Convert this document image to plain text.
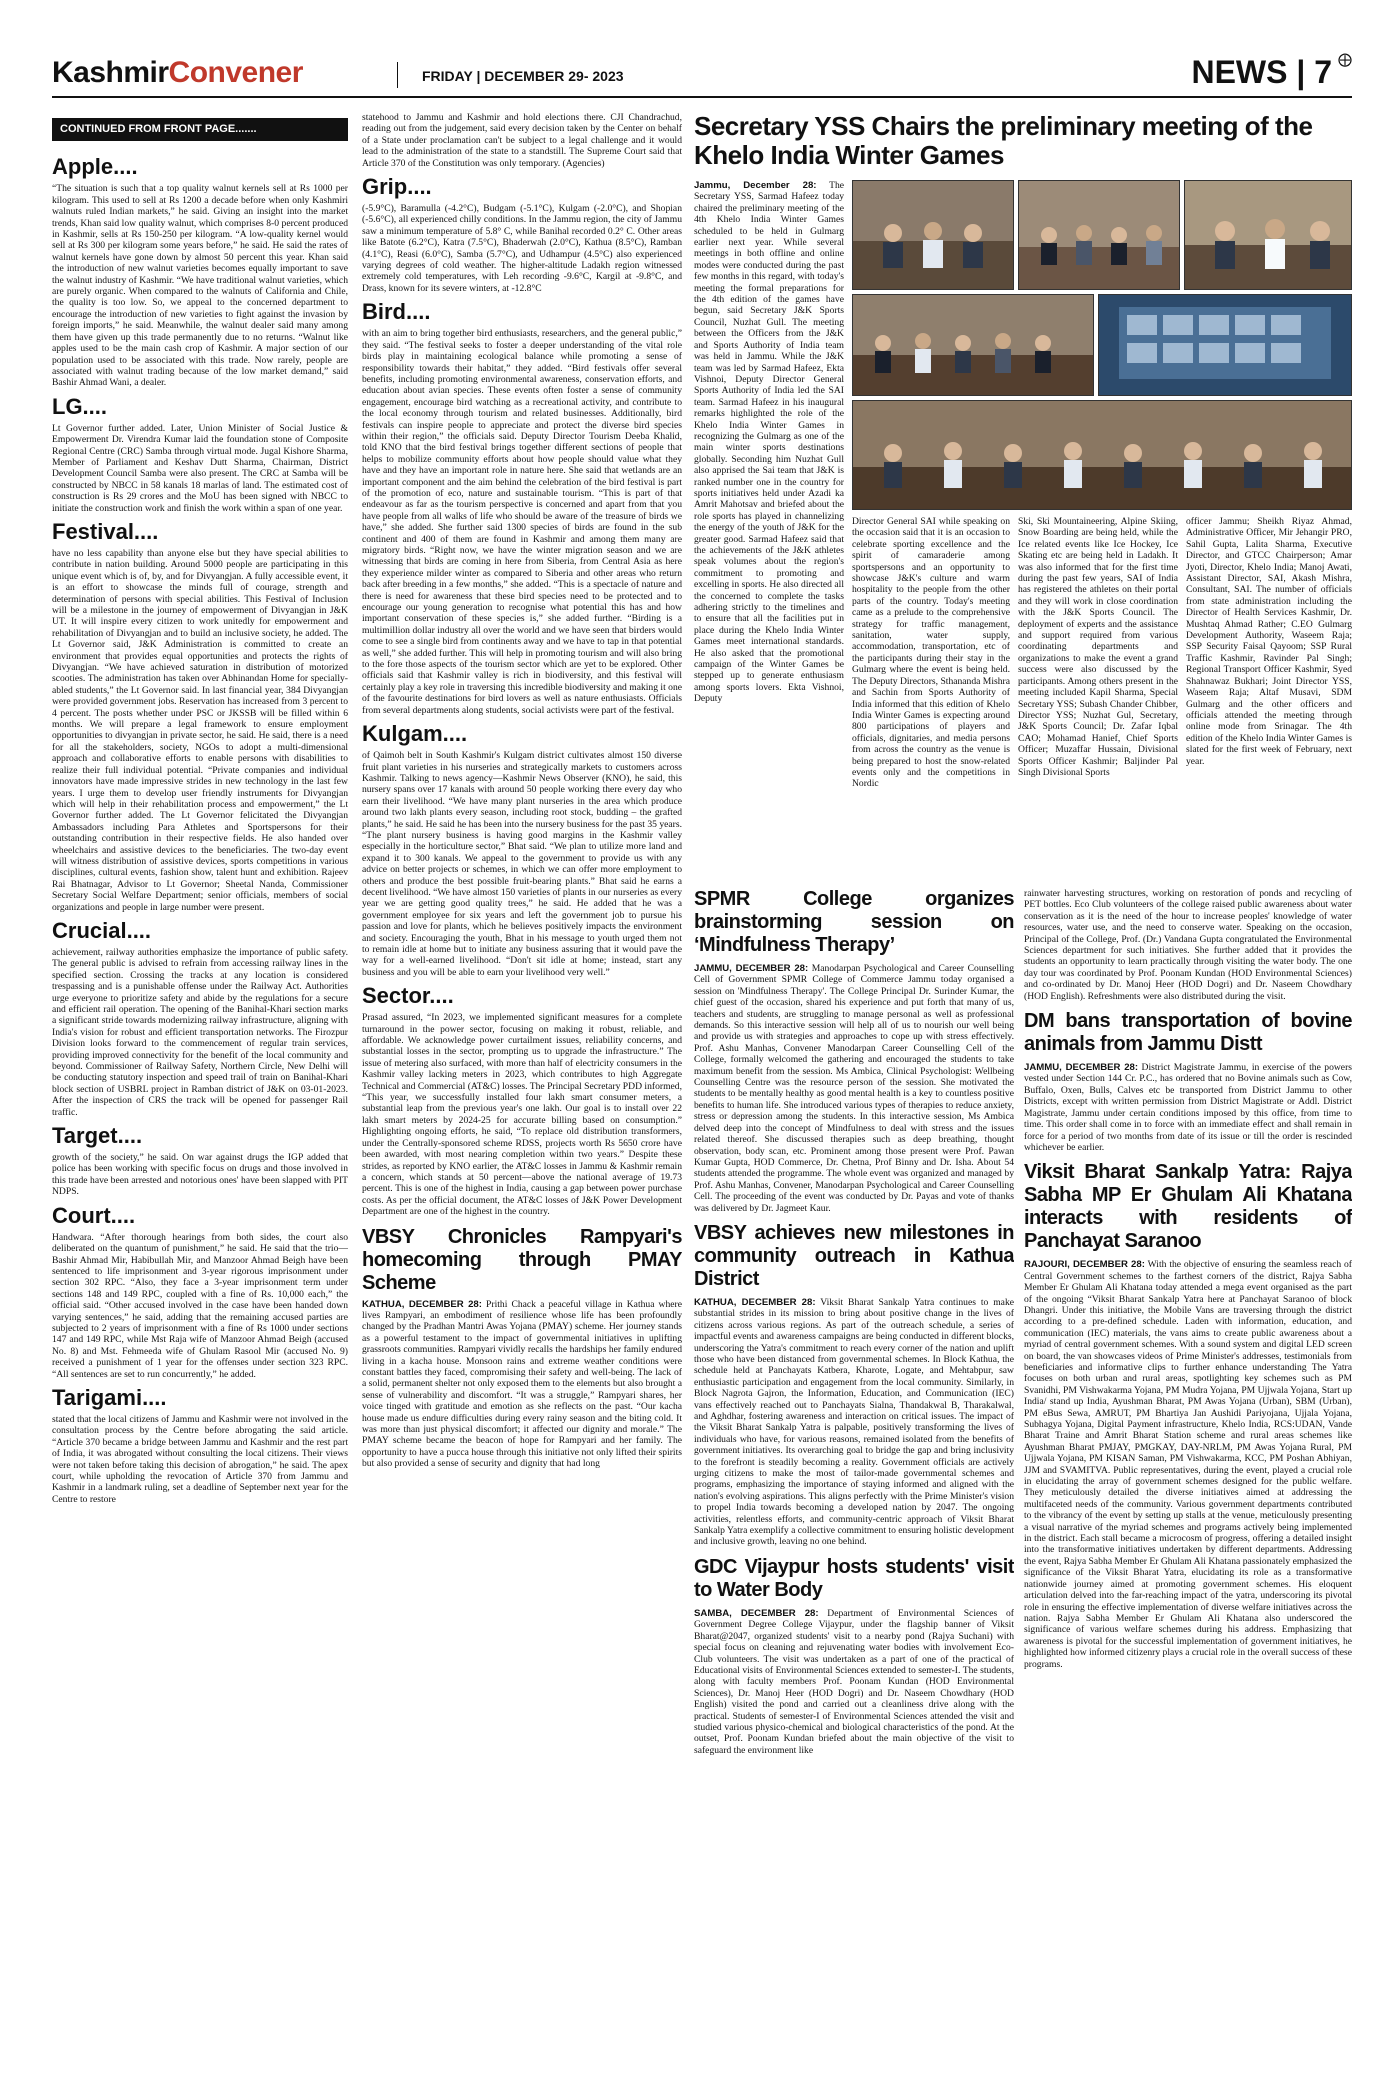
KashmirConvener	FRIDAY | DECEMBER 29- 2023	NEWS | 7 ⨁
CONTINUED FROM FRONT PAGE.......
Apple....

“The situation is such that a top quality walnut kernels sell at Rs 1000 per kilogram. This used to sell at Rs 1200 a decade before when only Kashmiri walnuts ruled Indian markets,” he said. Giving an insight into the market trends, Khan said low quality walnut, which comprises 8-0 percent produced in Kashmir, sells at Rs 150-250 per kilogram. “A low-quality kernel would sell at Rs 300 per kilogram some years before,” he said. He said the rates of walnut kernels have gone down by almost 50 percent this year. Khan said the introduction of new walnut varieties becomes equally important to save the walnut industry of Kashmir. “We have traditional walnut varieties, which are purely organic. When compared to the walnuts of California and Chile, the quality is too low. So, we appeal to the concerned department to encourage the introduction of new varieties to fight against the invasion by foreign imports,” he said. Meanwhile, the walnut dealer said many among them have given up this trade permanently due to no returns. “Walnut like apples used to be the main cash crop of Kashmir. A major section of our population used to be associated with this trade. Now rarely, people are associated with walnut trading because of the low market demand,” said Bashir Ahmad Wani, a dealer.

LG....

Lt Governor further added. Later, Union Minister of Social Justice & Empowerment Dr. Virendra Kumar laid the foundation stone of Composite Regional Centre (CRC) Samba through virtual mode. Jugal Kishore Sharma, Member of Parliament and Keshav Dutt Sharma, Chairman, District Development Council Samba were also present. The CRC at Samba will be constructed by NBCC in 58 kanals 18 marlas of land. The estimated cost of construction is Rs 29 crores and the MoU has been signed with NBCC to initiate the construction work and finish the work within a span of one year.

Festival....

have no less capability than anyone else but they have special abilities to contribute in nation building. Around 5000 people are participating in this unique event which is of, by, and for Divyangjan. A fully accessible event, it is an effort to showcase the minds full of courage, strength and determination of persons with special abilities. This Festival of Inclusion will be a milestone in the journey of empowerment of Divyangjan in J&K UT. It will inspire every citizen to work unitedly for empowerment and rehabilitation of Divyangjan and to build an inclusive society, he added. The Lt Governor said, J&K Administration is committed to create an environment that provides equal opportunities and protects the rights of Divyangjan. “We have achieved saturation in distribution of motorized scooties. The administration has taken over Abhinandan Home for specially-abled students,” the Lt Governor said. In last financial year, 384 Divyangjan were provided government jobs. Reservation has increased from 3 percent to 4 percent. The posts whether under PSC or JKSSB will be filled within 6 months. We will prepare a legal framework to ensure employment opportunities to divyangjan in private sector, he said. He said, there is a need for all the stakeholders, society, NGOs to adopt a multi-dimensional approach and collaborative efforts to enable persons with disabilities to realize their full individual potential. “Private companies and individual innovators have made impressive strides in new technology in the last few years. I urge them to develop user friendly instruments for Divyangjan which will help in their rehabilitation process and empowerment,” the Lt Governor further added. The Lt Governor felicitated the Divyangjan Ambassadors including Para Athletes and Sportspersons for their outstanding contribution in their respective fields. He also handed over wheelchairs and assistive devices to the beneficiaries. The two-day event will witness distribution of assistive devices, sports competitions in various disciplines, cultural events, fashion show, talent hunt and exhibition. Rajeev Rai Bhatnagar, Advisor to Lt Governor; Sheetal Nanda, Commissioner Secretary Social Welfare Department; senior officials, members of social organizations and people in large number were present.

Crucial....

achievement, railway authorities emphasize the importance of public safety. The general public is advised to refrain from accessing railway lines in the specified section. Crossing the tracks at any location is considered trespassing and is a punishable offense under the Railway Act. Authorities urge everyone to prioritize safety and abide by the regulations for a secure and efficient rail operation. The opening of the Banihal-Khari section marks a significant stride towards modernizing railway infrastructure, aligning with India's vision for robust and efficient transportation networks. The Firozpur Division looks forward to the commencement of regular train services, providing improved connectivity for the benefit of the local community and beyond. Commissioner of Railway Safety, Northern Circle, New Delhi will be conducting statutory inspection and speed trail of train on Banihal-Khari block section of USBRL project in Ramban district of J&K on 03-01-2023. After the inspection of CRS the track will be opened for passenger Rail traffic.

Target....

growth of the society,” he said. On war against drugs the IGP added that police has been working with specific focus on drugs and those involved in this trade have been arrested and notorious ones' have been slapped with PIT NDPS.

Court....

Handwara. “After thorough hearings from both sides, the court also deliberated on the quantum of punishment,” he said. He said that the trio—Bashir Ahmad Mir, Habibullah Mir, and Manzoor Ahmad Beigh have been sentenced to life imprisonment and 3-year rigorous imprisonment under section 302 RPC. “Also, they face a 3-year imprisonment term under sections 148 and 149 RPC, coupled with a fine of Rs. 10,000 each,” the official said. “Other accused involved in the case have been handed down varying sentences,” he said, adding that the remaining accused parties are subjected to 2 years of imprisonment with a fine of Rs 1000 under sections 147 and 149 RPC, while Mst Raja wife of Manzoor Ahmad Beigh (accused No. 8) and Mst. Fehmeeda wife of Ghulam Rasool Mir (accused No. 9) received a punishment of 1 year for the offenses under section 323 RPC. “All sentences are set to run concurrently,” he added.

Tarigami....

stated that the local citizens of Jammu and Kashmir were not involved in the consultation process by the Centre before abrogating the said article. “Article 370 became a bridge between Jammu and Kashmir and the rest part of India, it was abrogated without consulting the local citizens. Their views were not taken before taking this decision of abrogation,” he said. The apex court, while upholding the revocation of Article 370 from Jammu and Kashmir in a landmark ruling, set a deadline of September next year for the Centre to restore

statehood to Jammu and Kashmir and hold elections there. CJI Chandrachud, reading out from the judgement, said every decision taken by the Center on behalf of a State under proclamation can't be subject to a legal challenge and it would lead to the administration of the state to a standstill. The Supreme Court said that Article 370 of the Constitution was only temporary. (Agencies)

Grip....

(-5.9°C), Baramulla (-4.2°C), Budgam (-5.1°C), Kulgam (-2.0°C), and Shopian (-5.6°C), all experienced chilly conditions. In the Jammu region, the city of Jammu saw a minimum temperature of 5.8° C, while Banihal recorded 0.2° C. Other areas like Batote (6.2°C), Katra (7.5°C), Bhaderwah (2.0°C), Kathua (8.5°C), Ramban (4.1°C), Reasi (6.0°C), Samba (5.7°C), and Udhampur (4.5°C) also experienced varying degrees of cold weather. The higher-altitude Ladakh region witnessed extremely cold temperatures, with Leh recording -9.6°C, Kargil at -9.8°C, and Drass, known for its severe winters, at -12.8°C

Bird....

with an aim to bring together bird enthusiasts, researchers, and the general public,” they said. “The festival seeks to foster a deeper understanding of the vital role birds play in maintaining ecological balance while promoting a sense of responsibility towards their habitat,” they added. “Bird festivals offer several benefits, including promoting environmental awareness, conservation efforts, and education about avian species. These events often foster a sense of community engagement, encourage bird watching as a recreational activity, and contribute to the local economy through tourism and related businesses. Additionally, bird festivals can inspire people to appreciate and protect the diverse bird species within their region,” the officials said. Deputy Director Tourism Deeba Khalid, told KNO that the bird festival brings together different sections of people that helps to mobilize community efforts about how people should value what they have and they have an important role in nature here. She said that wetlands are an important component and the aim behind the celebration of the bird festival is part of the promotion of eco, nature and sustainable tourism. “This is part of that endeavour as far as the tourism perspective is concerned and apart from that you have people from all walks of life who should be aware of the treasure of birds we have,” she added. She further said 1300 species of birds are found in the sub continent and 400 of them are found in Kashmir and among them many are migratory birds. “Right now, we have the winter migration season and we are witnessing that birds are coming in here from Siberia, from Central Asia as here they experience milder winter as compared to Siberia and other areas who return back after breeding in a few months,” she added. “This is a spectacle of nature and there is need for awareness that these bird species need to be protected and to encourage our young generation to recognise what potential this has and how important conservation of these species is,” she added further. “Birding is a multimillion dollar industry all over the world and we have seen that birders would come to see a single bird from continents away and we have to tap in that potential as well,” she added further. This will help in promoting tourism and will also bring to the fore those aspects of the tourism sector which are yet to be explored. Other officials said that Kashmir valley is rich in biodiversity, and this festival will certainly play a key role in traversing this incredible biodiversity and making it one of the favourite destinations for bird lovers as well as nature enthusiasts. Officials from several departments along students, social activists were part of the festival.

Kulgam....

of Qaimoh belt in South Kashmir's Kulgam district cultivates almost 150 diverse fruit plant varieties in his nurseries and strategically markets to customers across Kashmir. Talking to news agency—Kashmir News Observer (KNO), he said, this nursery spans over 17 kanals with around 50 people working there every day who earn their livelihood. “We have many plant nurseries in the area which produce around two lakh plants every season, including root stock, budding – the grafted plants,” he said. He said he has been into the nursery business for the past 35 years. “The plant nursery business is having good margins in the Kashmir valley especially in the horticulture sector,” Bhat said. “We plan to utilize more land and expand it to 300 kanals. We appeal to the government to provide us with any advice on better projects or schemes, in which we can offer more employment to others and produce the best possible fruit-bearing plants.” Bhat said he earns a decent livelihood. “We have almost 150 varieties of plants in our nurseries as every year we are getting good quality trees,” he said. He added that he was a government employee for six years and left the government job to pursue his passion and love for plants, which he believes positively impacts the environment and society. Encouraging the youth, Bhat in his message to youth urged them not to remain idle at home but to initiate any business assuring that it would pave the way for a well-earned livelihood. “Don't sit idle at home; instead, start any business and you will be able to earn your livelihood very well.”

Sector....

Prasad assured, “In 2023, we implemented significant measures for a complete turnaround in the power sector, focusing on making it robust, reliable, and affordable. We acknowledge power curtailment issues, reliability concerns, and substantial losses in the sector, prompting us to upgrade the infrastructure.” The issue of metering also surfaced, with more than half of electricity consumers in the Kashmir valley lacking meters in 2023, which contributes to high Aggregate Technical and Commercial (AT&C) losses. The Principal Secretary PDD informed, “This year, we successfully installed four lakh smart consumer meters, a substantial leap from the previous year's one lakh. Our goal is to install over 22 lakh smart meters by 2024-25 for accurate billing based on consumption.” Highlighting ongoing efforts, he said, “To replace old distribution transformers, under the Centrally-sponsored scheme RDSS, projects worth Rs 5650 crore have been awarded, with most nearing completion within two years.” Despite these strides, as reported by KNO earlier, the AT&C losses in Jammu & Kashmir remain a concern, which stands at 50 percent—above the national average of 19.73 percent. This is one of the highest in India, causing a gap between power purchase costs. As per the official document, the AT&C losses of J&K Power Development Department are one of the highest in the country.

VBSY Chronicles Rampyari's homecoming through PMAY Scheme

KATHUA, DECEMBER 28: Prithi Chack a peaceful village in Kathua where lives Rampyari, an embodiment of resilience whose life has been profoundly changed by the Pradhan Mantri Awas Yojana (PMAY) scheme. Her journey stands as a powerful testament to the impact of governmental initiatives in uplifting grassroots communities. Rampyari vividly recalls the hardships her family endured living in a kacha house. Monsoon rains and extreme weather conditions were constant battles they faced, compromising their safety and well-being. The lack of a solid, permanent shelter not only exposed them to the elements but also brought a sense of vulnerability and discomfort. “It was a struggle,” Rampyari shares, her voice tinged with gratitude and emotion as she reflects on the past. “Our kacha house made us endure difficulties during every rainy season and the biting cold. It was more than just physical discomfort; it affected our dignity and morale.” The PMAY scheme became the beacon of hope for Rampyari and her family. The opportunity to have a pucca house through this initiative not only lifted their spirits but also provided a sense of security and dignity that had long

Secretary YSS Chairs the preliminary meeting of the Khelo India Winter Games

Jammu, December 28: The Secretary YSS, Sarmad Hafeez today chaired the preliminary meeting of the 4th Khelo India Winter Games scheduled to be held in Gulmarg earlier next year. While several meetings in both offline and online modes were conducted during the past few months in this regard, with today's meeting the formal preparations for the 4th edition of the games have begun, said Secretary J&K Sports Council, Nuzhat Gull. The meeting between the Officers from the J&K and Sports Authority of India team was held in Jammu. While the J&K team was led by Sarmad Hafeez, Ekta Vishnoi, Deputy Director General Sports Authority of India led the SAI team. Sarmad Hafeez in his inaugural remarks highlighted the role of the Khelo India Winter Games in recognizing the Gulmarg as one of the main winter sports destinations globally. Seconding him Nuzhat Gull also apprised the Sai team that J&K is ranked number one in the country for sports initiatives held under Azadi ka Amrit Mahotsav and briefed about the role sports has played in channelizing the energy of the youth of J&K for the greater good. Sarmad Hafeez said that the achievements of the J&K athletes speak volumes about the region's commitment to promoting and excelling in sports. He also directed all the concerned to complete the tasks adhering strictly to the timelines and to ensure that all the facilities put in place during the Khelo India Winter Games meet international standards. He also asked that the promotional campaign of the Winter Games be stepped up to generate enthusiasm among sports lovers. Ekta Vishnoi, Deputy

Director General SAI while speaking on the occasion said that it is an occasion to celebrate sporting excellence and the spirit of camaraderie among sportspersons and an opportunity to showcase J&K's culture and warm hospitality to the people from the other parts of the country. Today's meeting came as a prelude to the comprehensive strategy for traffic management, sanitation, water supply, accommodation, transportation, etc of the participants during their stay in the Gulmarg where the event is being held. The Deputy Directors, Sthananda Mishra and Sachin from Sports Authority of India informed that this edition of Khelo India Winter Games is expecting around 800 participations of players and officials, dignitaries, and media persons from across the country as the venue is being prepared to host the snow-related events only and the competitions in Nordic

Ski, Ski Mountaineering, Alpine Skiing, Snow Boarding are being held, while the Ice related events like Ice Hockey, Ice Skating etc are being held in Ladakh. It was also informed that for the first time during the past few years, SAI of India has registered the athletes on their portal and they will work in close coordination with the J&K Sports Council. The deployment of experts and the assistance and support required from various coordinating departments and organizations to make the event a grand success were also discussed by the participants. Among others present in the meeting included Kapil Sharma, Special Secretary YSS; Subash Chander Chibber, Director YSS; Nuzhat Gul, Secretary, J&K Sports Council; Dr. Zafar Iqbal CAO; Mohamad Hanief, Chief Sports Officer; Muzaffar Hussain, Divisional Sports Officer Kashmir; Baljinder Pal Singh Divisional Sports

officer Jammu; Sheikh Riyaz Ahmad, Administrative Officer, Mir Jehangir PRO, Sahil Gupta, Lalita Sharma, Executive Director, and GTCC Chairperson; Amar Jyoti, Director, Khelo India; Manoj Awati, Assistant Director, SAI, Akash Mishra, Consultant, SAI. The number of officials from state administration including the Director of Health Services Kashmir, Dr. Mushtaq Ahmad Rather; C.EO Gulmarg Development Authority, Waseem Raja; SSP Security Faisal Qayoom; SSP Rural Traffic Kashmir, Ravinder Pal Singh; Regional Transport Officer Kashmir, Syed Shahnawaz Bukhari; Joint Director YSS, Waseem Raja; Altaf Musavi, SDM Gulmarg and the other officers and officials attended the meeting through online mode from Srinagar. The 4th edition of the Khelo India Winter Games is slated for the first week of February, next year.

SPMR College organizes brainstorming session on ‘Mindfulness Therapy’

JAMMU, DECEMBER 28: Manodarpan Psychological and Career Counselling Cell of Government SPMR College of Commerce Jammu today organised a session on 'Mindfulness Therapy'. The College Principal Dr. Surinder Kumar, the chief guest of the occasion, shared his experience and put forth that many of us, teachers and students, are struggling to manage personal as well as professional demands. So this interactive session will help all of us to nourish our well being and provide us with strategies and approaches to cope up with stress effectively. Prof. Ashu Manhas, Convener Manodarpan Career Counselling Cell of the College, formally welcomed the gathering and encouraged the students to take maximum benefit from the session. Ms Ambica, Clinical Psychologist: Wellbeing Counselling Centre was the resource person of the session. She motivated the students to be mentally healthy as good mental health is a key to countless positive benefits to human life. She introduced various types of therapies to reduce anxiety, stress or depression among the students. In this interactive session, Ms Ambica delved deep into the concept of Mindfulness to deal with stress and the issues related thereof. She discussed therapies such as deep breathing, thought observation, body scan, etc. Prominent among those present were Prof. Pawan Kumar Gupta, HOD Commerce, Dr. Chetna, Prof Binny and Dr. Isha. About 54 students attended the programme. The whole event was organized and managed by Prof. Ashu Manhas, Convener, Manodarpan Psychological and Career Counselling Cell. The proceeding of the event was conducted by Dr. Payas and vote of thanks was delivered by Dr. Jagmeet Kaur.

VBSY achieves new milestones in community outreach in Kathua District

KATHUA, DECEMBER 28: Viksit Bharat Sankalp Yatra continues to make substantial strides in its mission to bring about positive change in the lives of citizens across various regions. As part of the outreach schedule, a series of impactful events and awareness campaigns are being conducted in different blocks, underscoring the Yatra's commitment to reach every corner of the nation and uplift those who have been distanced from governmental schemes. In Block Kathua, the schedule held at Panchayats Katbera, Kharote, Logate, and Mehtabpur, saw enthusiastic participation and engagement from the local community. Similarly, in Block Nagrota Gajron, the Information, Education, and Communication (IEC) vans effectively reached out to Panchayats Sialna, Thandakwal B, Tharakalwal, and Aghdhar, fostering awareness and interaction on critical issues. The impact of the Viksit Bharat Sankalp Yatra is palpable, positively transforming the lives of individuals who have, for various reasons, remained isolated from the benefits of government initiatives. Its overarching goal to bridge the gap and bring inclusivity to the forefront is steadily becoming a reality. Government officials are actively urging citizens to make the most of tailor-made governmental schemes and programs, emphasizing the importance of staying informed and aligned with the nation's evolving aspirations. This aligns perfectly with the Prime Minister's vision to propel India towards becoming a developed nation by 2047. The ongoing activities, relentless efforts, and community-centric approach of Viksit Bharat Sankalp Yatra exemplify a collective commitment to ensuring holistic development and inclusive growth, leaving no one behind.

GDC Vijaypur hosts students' visit to Water Body

SAMBA, DECEMBER 28: Department of Environmental Sciences of Government Degree College Vijaypur, under the flagship banner of Viksit Bharat@2047, organized students' visit to a nearby pond (Rajya Suchani) with special focus on cleaning and rejuvenating water bodies with involvement Eco-Club volunteers. The visit was undertaken as a part of one of the practical of Educational visits of Environmental Sciences extended to semester-I. The students, along with faculty members Prof. Poonam Kundan (HOD Environmental Sciences), Dr. Manoj Heer (HOD Dogri) and Dr. Naseem Chowdhary (HOD English) visited the pond and carried out a cleanliness drive along with the practical. Students of semester-I of Environmental Sciences attended the visit and studied various physico-chemical and biological characteristics of the pond. At the outset, Prof. Poonam Kundan briefed about the main objective of the visit to safeguard the environment like

rainwater harvesting structures, working on restoration of ponds and recycling of PET bottles. Eco Club volunteers of the college raised public awareness about water conservation as it is the need of the hour to increase peoples' knowledge of water resources, water use, and the need to conserve water. Speaking on the occasion, Principal of the College, Prof. (Dr.) Vandana Gupta congratulated the Environmental Sciences department for such initiatives. She further added that it provides the students an opportunity to learn practically through visiting the water body. The one day tour was coordinated by Prof. Poonam Kundan (HOD Environmental Sciences) and co-ordinated by Dr. Manoj Heer (HOD Dogri) and Dr. Naseem Chowdhary (HOD English). Refreshments were also distributed during the visit.

DM bans transportation of bovine animals from Jammu Distt

JAMMU, DECEMBER 28: District Magistrate Jammu, in exercise of the powers vested under Section 144 Cr. P.C., has ordered that no Bovine animals such as Cow, Buffalo, Oxen, Bulls, Calves etc be transported from District Jammu to other Districts, except with written permission from District Magistrate or Addl. District Magistrate, Jammu under certain conditions imposed by this office, from time to time. This order shall come in to force with an immediate effect and shall remain in force for a period of two months from date of its issue or till the order is rescinded whichever be earlier.

Viksit Bharat Sankalp Yatra: Rajya Sabha MP Er Ghulam Ali Khatana interacts with residents of Panchayat Saranoo

RAJOURI, DECEMBER 28: With the objective of ensuring the seamless reach of Central Government schemes to the farthest corners of the district, Rajya Sabha Member Er Ghulam Ali Khatana today attended a mega event organised as the part of the ongoing “Viksit Bharat Sankalp Yatra here at Panchayat Saranoo of block Dhangri. Under this initiative, the Mobile Vans are traversing through the district according to a pre-defined schedule. Laden with information, education, and communication (IEC) materials, the vans aims to create public awareness about a myriad of central government schemes. With a sound system and digital LED screen on board, the van showcases videos of Prime Minister's addresses, testimonials from beneficiaries and informative clips to further enhance understanding The Yatra focuses on both urban and rural areas, spotlighting key schemes such as PM Svanidhi, PM Vishwakarma Yojana, PM Mudra Yojana, PM Ujjwala Yojana, Start up India/ stand up India, Ayushman Bharat, PM Awas Yojana (Urban), SBM (Urban), PM eBus Sewa, AMRUT, PM Bhartiya Jan Aushidi Pariyojana, Ujjala Yojana, Subhagya Yojana, Digital Payment infrastructure, Khelo India, RCS:UDAN, Vande Bharat Traine and Amrit Bharat Station scheme and rural areas schemes like Ayushman Bharat PMJAY, PMGKAY, DAY-NRLM, PM Awas Yojana Rural, PM Ujjwala Yojana, PM KISAN Saman, PM Vishwakarma, KCC, PM Poshan Abhiyan, JJM and SVAMITVA. Public representatives, during the event, played a crucial role in elucidating the array of government schemes designed for the public welfare. They meticulously detailed the diverse initiatives aimed at addressing the multifaceted needs of the community. Various government departments contributed to the vibrancy of the event by setting up stalls at the venue, meticulously presenting a visual narrative of the myriad schemes and programs actively being implemented in the district. Each stall became a microcosm of progress, offering a detailed insight into the transformative initiatives undertaken by different departments. Addressing the event, Rajya Sabha Member Er Ghulam Ali Khatana passionately emphasized the significance of the Viksit Bharat Yatra, elucidating its role as a transformative nationwide journey aimed at promoting government schemes. His eloquent articulation delved into the far-reaching impact of the yatra, underscoring its pivotal role in ensuring the effective implementation of diverse welfare initiatives across the nation. Rajya Sabha Member Er Ghulam Ali Khatana also underscored the significance of various welfare schemes during his address. Emphasizing that awareness is pivotal for the successful implementation of government initiatives, he highlighted how informed citizenry plays a crucial role in the overall success of these programs.
